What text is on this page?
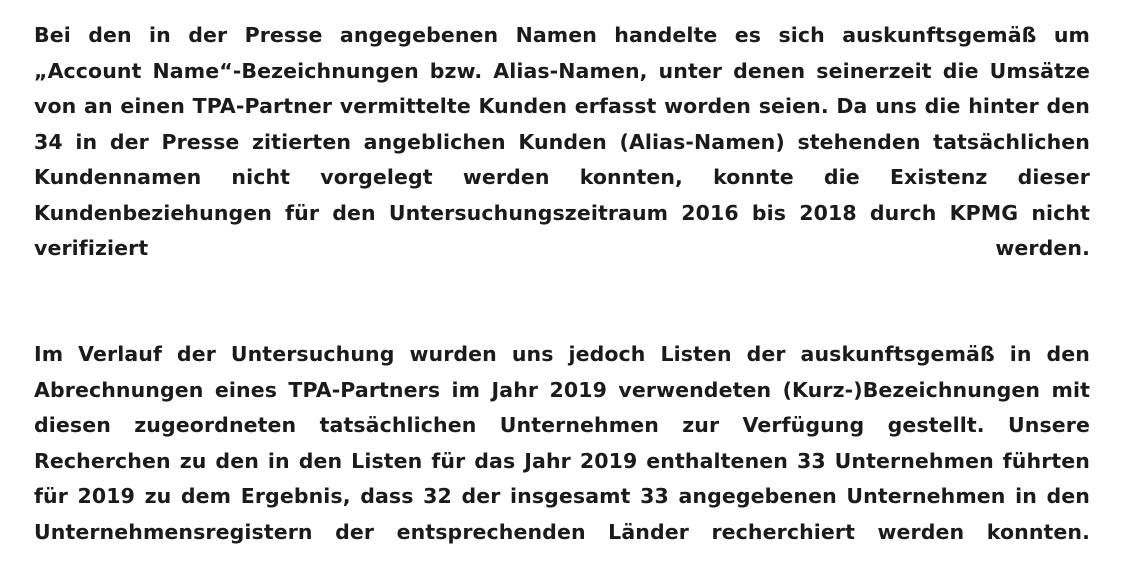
Bei den in der Presse angegebenen Namen handelte es sich auskunftsgemäß um „Account Name“-Bezeichnungen bzw. Alias-Namen, unter denen seinerzeit die Umsätze von an einen TPA-Partner vermittelte Kunden erfasst worden seien. Da uns die hinter den 34 in der Presse zitierten angeblichen Kunden (Alias-Namen) stehenden tatsächlichen Kundennamen nicht vorgelegt werden konnten, konnte die Existenz dieser Kundenbeziehungen für den Untersuchungszeitraum 2016 bis 2018 durch KPMG nicht verifiziert werden.

Im Verlauf der Untersuchung wurden uns jedoch Listen der auskunftsgemäß in den Abrechnungen eines TPA-Partners im Jahr 2019 verwendeten (Kurz-)Bezeichnungen mit diesen zugeordneten tatsächlichen Unternehmen zur Verfügung gestellt. Unsere Recherchen zu den in den Listen für das Jahr 2019 enthaltenen 33 Unternehmen führten für 2019 zu dem Ergebnis, dass 32 der insgesamt 33 angegebenen Unternehmen in den Unternehmensregistern der entsprechenden Länder recherchiert werden konnten.
